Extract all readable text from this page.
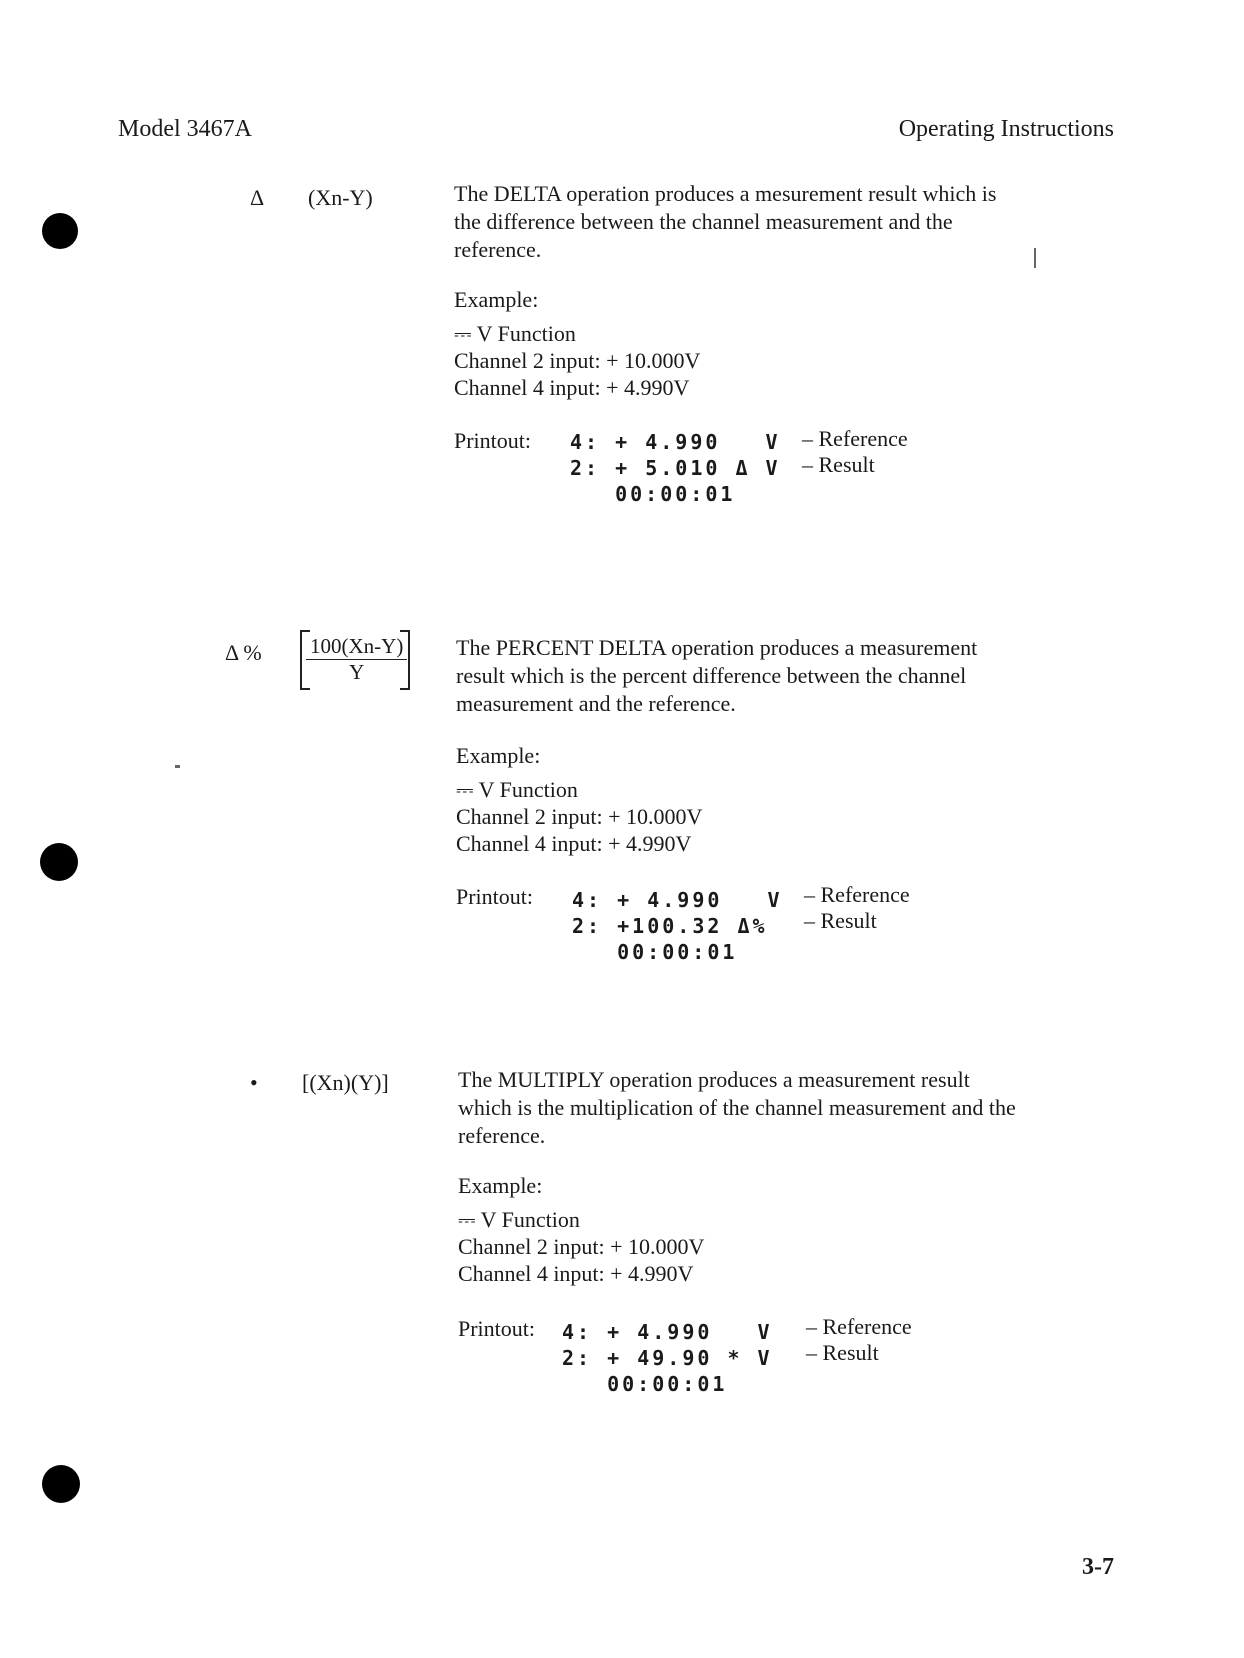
Model 3467A	Operating Instructions
Δ (Xn-Y)	The DELTA operation produces a mesurement result which is
the difference between the channel measurement and the
reference.
Example:
⎓ V Function
Channel 2 input: + 10.000V
Channel 4 input: + 4.990V
Printout: 4: + 4.990   V
2: + 5.010 Δ V
00:00:01
– Reference
– Result
Δ % $\frac{100(Xn-Y)}{Y}$ The PERCENT DELTA operation produces a measurement
result which is the percent difference between the channel
measurement and the reference.
Example:
⎓ V Function
Channel 2 input: + 10.000V
Channel 4 input: + 4.990V
Printout: 4: + 4.990   V
2: +100.32 Δ%
00:00:01
– Reference
– Result
• [(Xn)(Y)]	The MULTIPLY operation produces a measurement result
which is the multiplication of the channel measurement and the
reference.
Example:
⎓ V Function
Channel 2 input: + 10.000V
Channel 4 input: + 4.990V
Printout: 4: + 4.990   V
2: + 49.90 * V
00:00:01
– Reference
– Result
3-7
